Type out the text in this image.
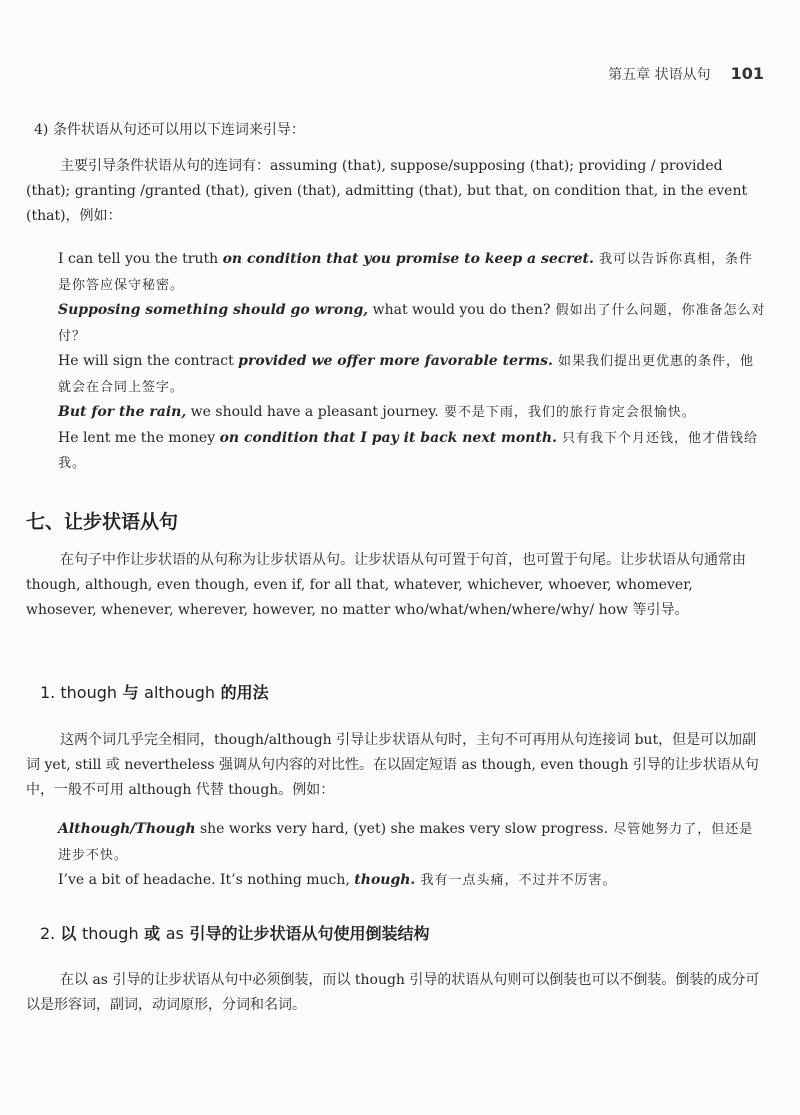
第五章 状语从句 101

4) 条件状语从句还可以用以下连词来引导：

主要引导条件状语从句的连词有：assuming (that), suppose/supposing (that); providing / provided (that); granting /granted (that), given (that), admitting (that), but that, on condition that, in the event (that)，例如：

I can tell you the truth on condition that you promise to keep a secret. 我可以告诉你真相，条件是你答应保守秘密。

Supposing something should go wrong, what would you do then? 假如出了什么问题，你准备怎么对付？

He will sign the contract provided we offer more favorable terms. 如果我们提出更优惠的条件，他就会在合同上签字。

But for the rain, we should have a pleasant journey. 要不是下雨，我们的旅行肯定会很愉快。

He lent me the money on condition that I pay it back next month. 只有我下个月还钱，他才借钱给我。

七、让步状语从句

在句子中作让步状语的从句称为让步状语从句。让步状语从句可置于句首，也可置于句尾。让步状语从句通常由 though, although, even though, even if, for all that, whatever, whichever, whoever, whomever, whosever, whenever, wherever, however, no matter who/what/when/where/why/ how 等引导。

1. though 与 although 的用法

这两个词几乎完全相同，though/although 引导让步状语从句时，主句不可再用从句连接词 but，但是可以加副词 yet, still 或 nevertheless 强调从句内容的对比性。在以固定短语 as though, even though 引导的让步状语从句中，一般不可用 although 代替 though。例如：

Although/Though she works very hard, (yet) she makes very slow progress. 尽管她努力了，但还是进步不快。

I’ve a bit of headache. It’s nothing much, though. 我有一点头痛，不过并不厉害。

2. 以 though 或 as 引导的让步状语从句使用倒装结构

在以 as 引导的让步状语从句中必须倒装，而以 though 引导的状语从句则可以倒装也可以不倒装。倒装的成分可以是形容词，副词，动词原形，分词和名词。
